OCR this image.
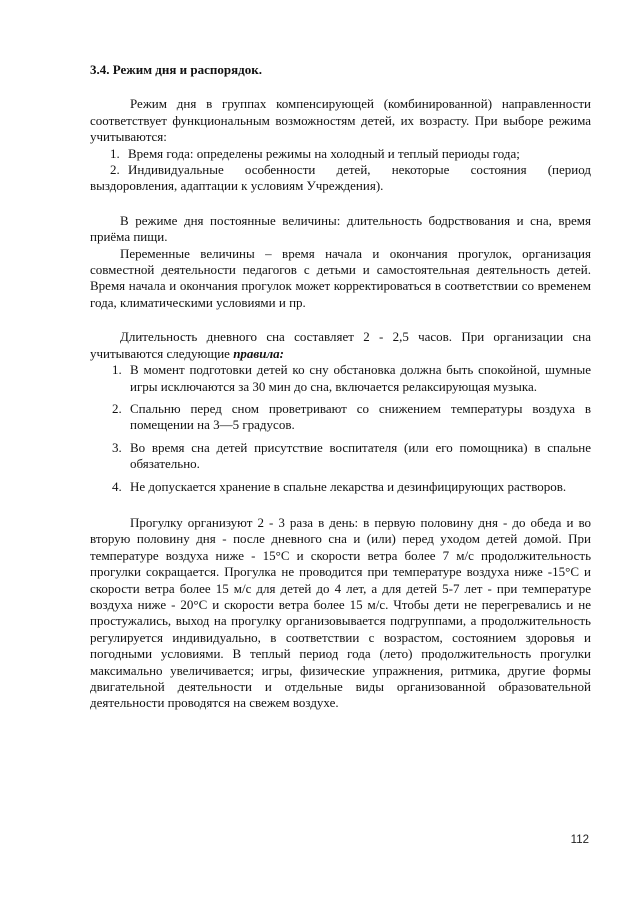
3.4. Режим дня и распорядок.

Режим дня в группах компенсирующей (комбинированной) направленности соответствует функциональным возможностям детей, их возрасту. При выборе режима учитываются:

1. Время года: определены режимы на холодный и теплый периоды года;
2. Индивидуальные особенности детей, некоторые состояния (период выздоровления, адаптации к условиям Учреждения).

В режиме дня постоянные величины: длительность бодрствования и сна, время приёма пищи.

Переменные величины – время начала и окончания прогулок, организация совместной деятельности педагогов с детьми и самостоятельная деятельность детей. Время начала и окончания прогулок может корректироваться в соответствии со временем года, климатическими условиями и пр.

Длительность дневного сна составляет 2 - 2,5 часов. При организации сна учитываются следующие правила:

1. В момент подготовки детей ко сну обстановка должна быть спокойной, шумные игры исключаются за 30 мин до сна, включается релаксирующая музыка.
2. Спальню перед сном проветривают со снижением температуры воздуха в помещении на 3—5 градусов.
3. Во время сна детей присутствие воспитателя (или его помощника) в спальне обязательно.
4. Не допускается хранение в спальне лекарства и дезинфицирующих растворов.

Прогулку организуют 2 - 3 раза в день: в первую половину дня - до обеда и во вторую половину дня - после дневного сна и (или) перед уходом детей домой. При температуре воздуха ниже - 15°С и скорости ветра более 7 м/с продолжительность прогулки сокращается. Прогулка не проводится при температуре воздуха ниже -15°С и скорости ветра более 15 м/с для детей до 4 лет, а для детей 5-7 лет - при температуре воздуха ниже - 20°С и скорости ветра более 15 м/с. Чтобы дети не перегревались и не простужались, выход на прогулку организовывается подгруппами, а продолжительность регулируется индивидуально, в соответствии с возрастом, состоянием здоровья и погодными условиями. В теплый период года (лето) продолжительность прогулки максимально увеличивается; игры, физические упражнения, ритмика, другие формы двигательной деятельности и отдельные виды организованной образовательной деятельности проводятся на свежем воздухе.

112
